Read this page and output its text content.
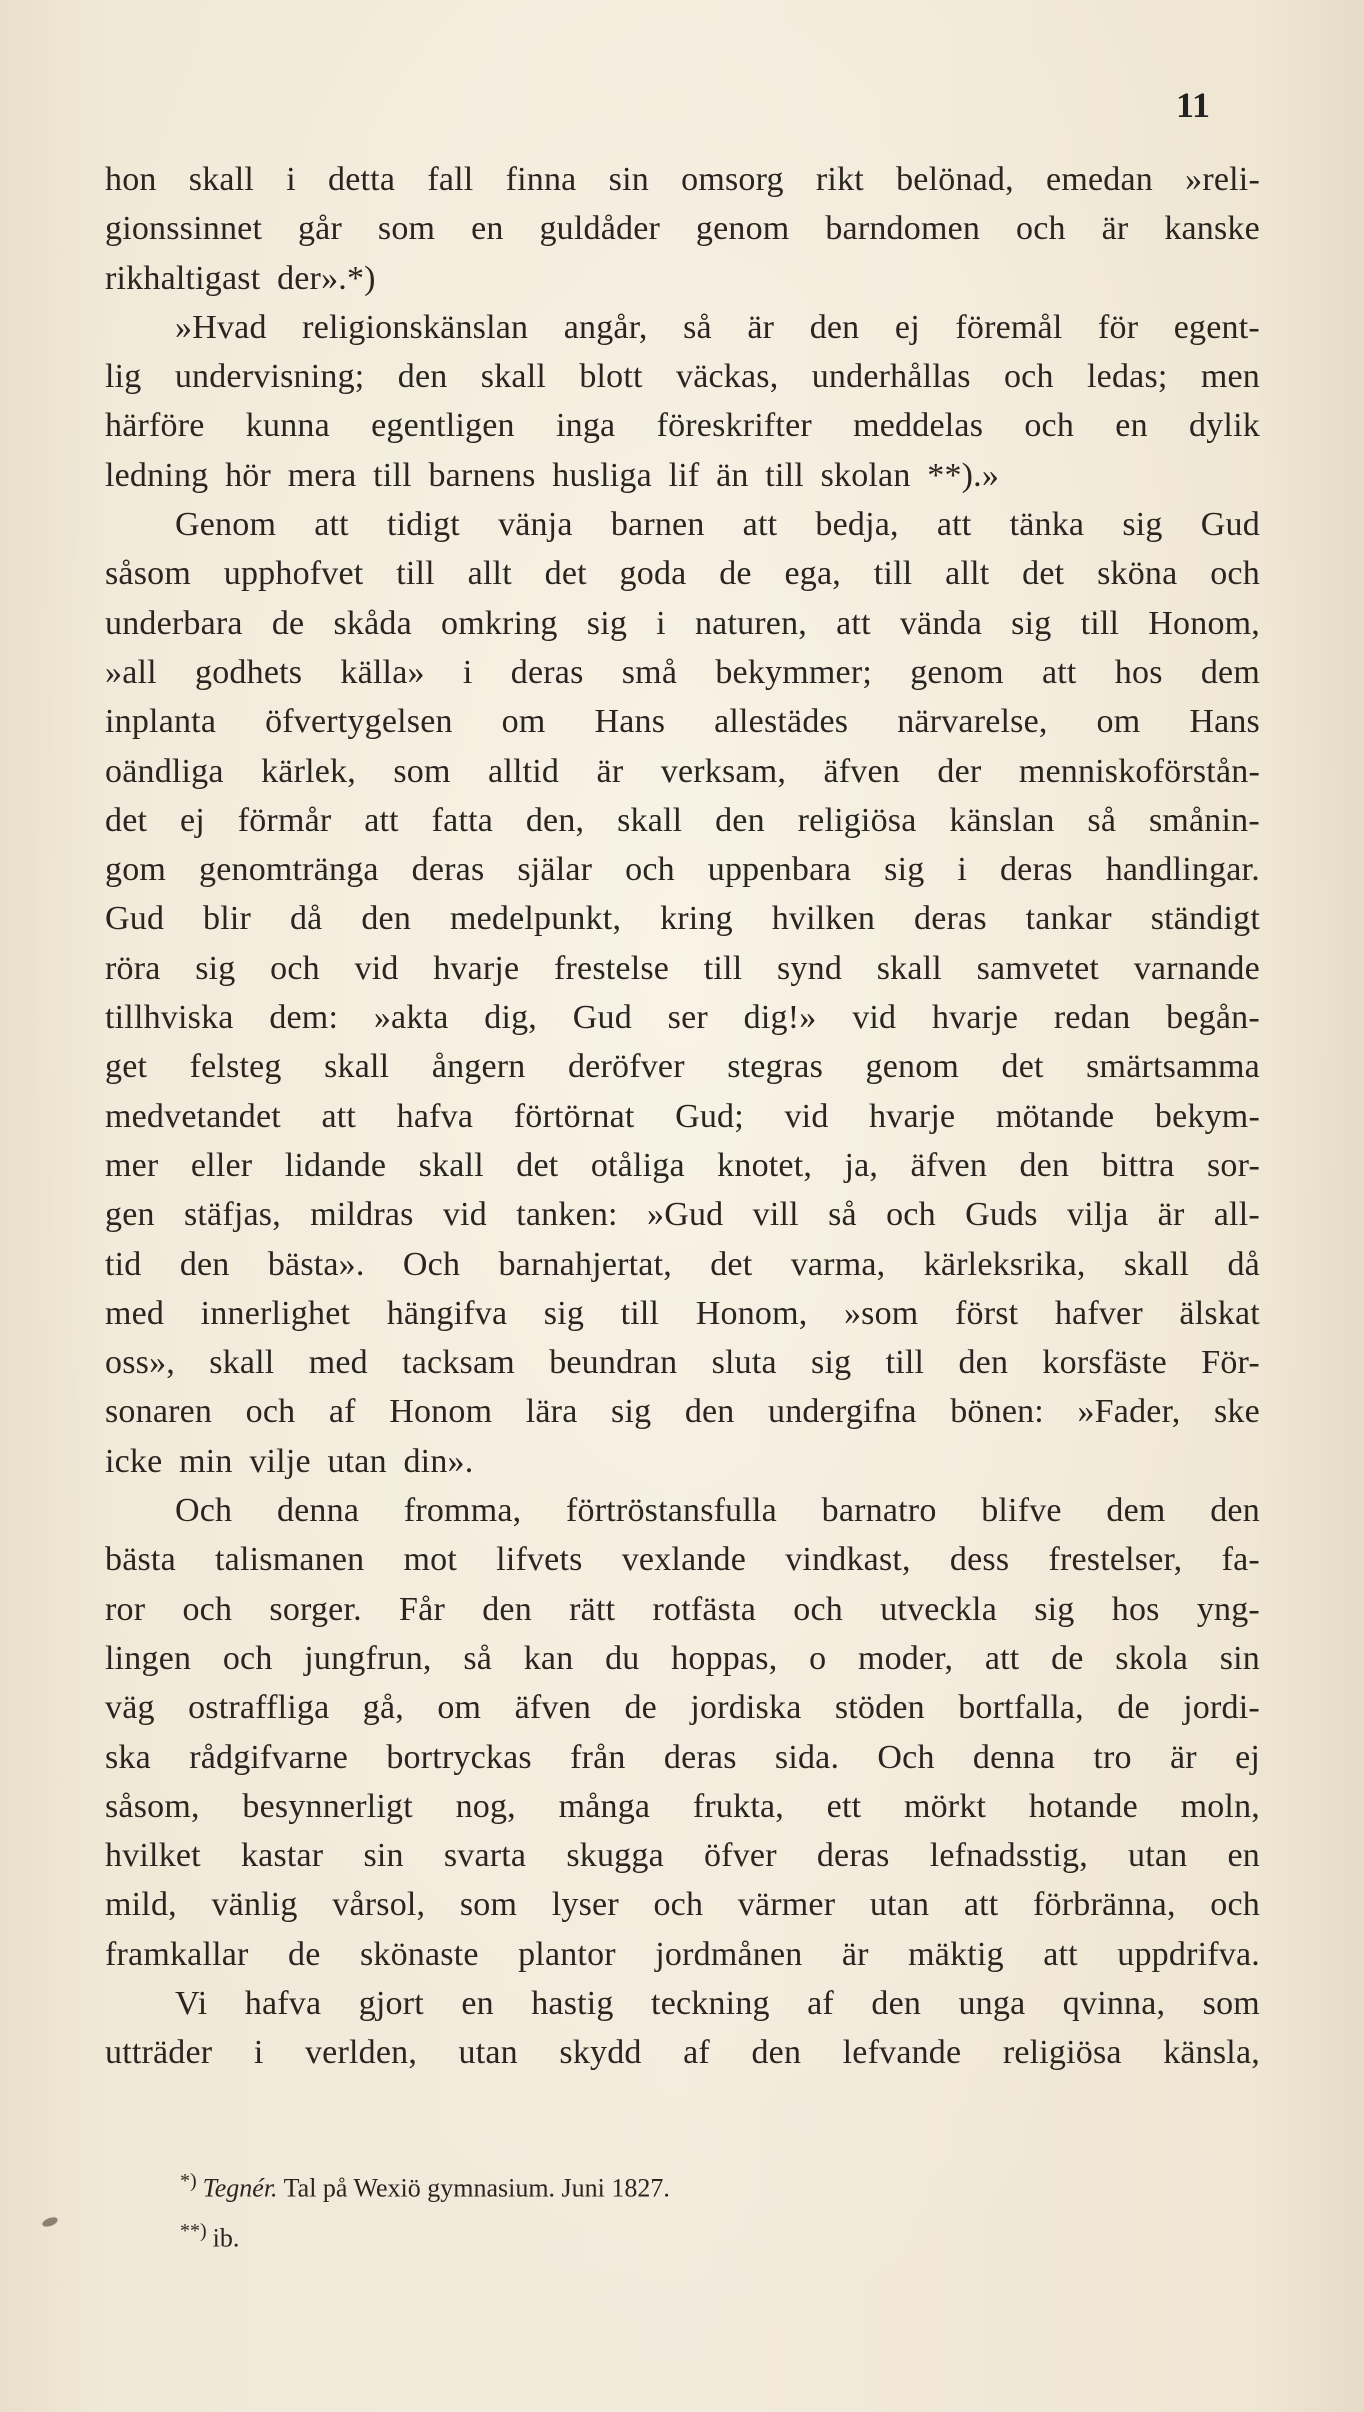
11
hon skall i detta fall finna sin omsorg rikt belönad, emedan »reli-
gionssinnet går som en guldåder genom barndomen och är kanske
rikhaltigast der».*)
»Hvad religionskänslan angår, så är den ej föremål för egent-
lig undervisning; den skall blott väckas, underhållas och ledas; men
härföre kunna egentligen inga föreskrifter meddelas och en dylik
ledning hör mera till barnens husliga lif än till skolan **).»
Genom att tidigt vänja barnen att bedja, att tänka sig Gud
såsom upphofvet till allt det goda de ega, till allt det sköna och
underbara de skåda omkring sig i naturen, att vända sig till Honom,
»all godhets källa» i deras små bekymmer; genom att hos dem
inplanta öfvertygelsen om Hans allestädes närvarelse, om Hans
oändliga kärlek, som alltid är verksam, äfven der menniskoförstån-
det ej förmår att fatta den, skall den religiösa känslan så smånin-
gom genomtränga deras själar och uppenbara sig i deras handlingar.
Gud blir då den medelpunkt, kring hvilken deras tankar ständigt
röra sig och vid hvarje frestelse till synd skall samvetet varnande
tillhviska dem: »akta dig, Gud ser dig!» vid hvarje redan begån-
get felsteg skall ångern deröfver stegras genom det smärtsamma
medvetandet att hafva förtörnat Gud; vid hvarje mötande bekym-
mer eller lidande skall det otåliga knotet, ja, äfven den bittra sor-
gen stäfjas, mildras vid tanken: »Gud vill så och Guds vilja är all-
tid den bästa». Och barnahjertat, det varma, kärleksrika, skall då
med innerlighet hängifva sig till Honom, »som först hafver älskat
oss», skall med tacksam beundran sluta sig till den korsfäste För-
sonaren och af Honom lära sig den undergifna bönen: »Fader, ske
icke min vilje utan din».
Och denna fromma, förtröstansfulla barnatro blifve dem den
bästa talismanen mot lifvets vexlande vindkast, dess frestelser, fa-
ror och sorger. Får den rätt rotfästa och utveckla sig hos yng-
lingen och jungfrun, så kan du hoppas, o moder, att de skola sin
väg ostraffliga gå, om äfven de jordiska stöden bortfalla, de jordi-
ska rådgifvarne bortryckas från deras sida. Och denna tro är ej
såsom, besynnerligt nog, många frukta, ett mörkt hotande moln,
hvilket kastar sin svarta skugga öfver deras lefnadsstig, utan en
mild, vänlig vårsol, som lyser och värmer utan att förbränna, och
framkallar de skönaste plantor jordmånen är mäktig att uppdrifva.
Vi hafva gjort en hastig teckning af den unga qvinna, som
utträder i verlden, utan skydd af den lefvande religiösa känsla,
*) Tegnér. Tal på Wexiö gymnasium. Juni 1827.
**) ib.
